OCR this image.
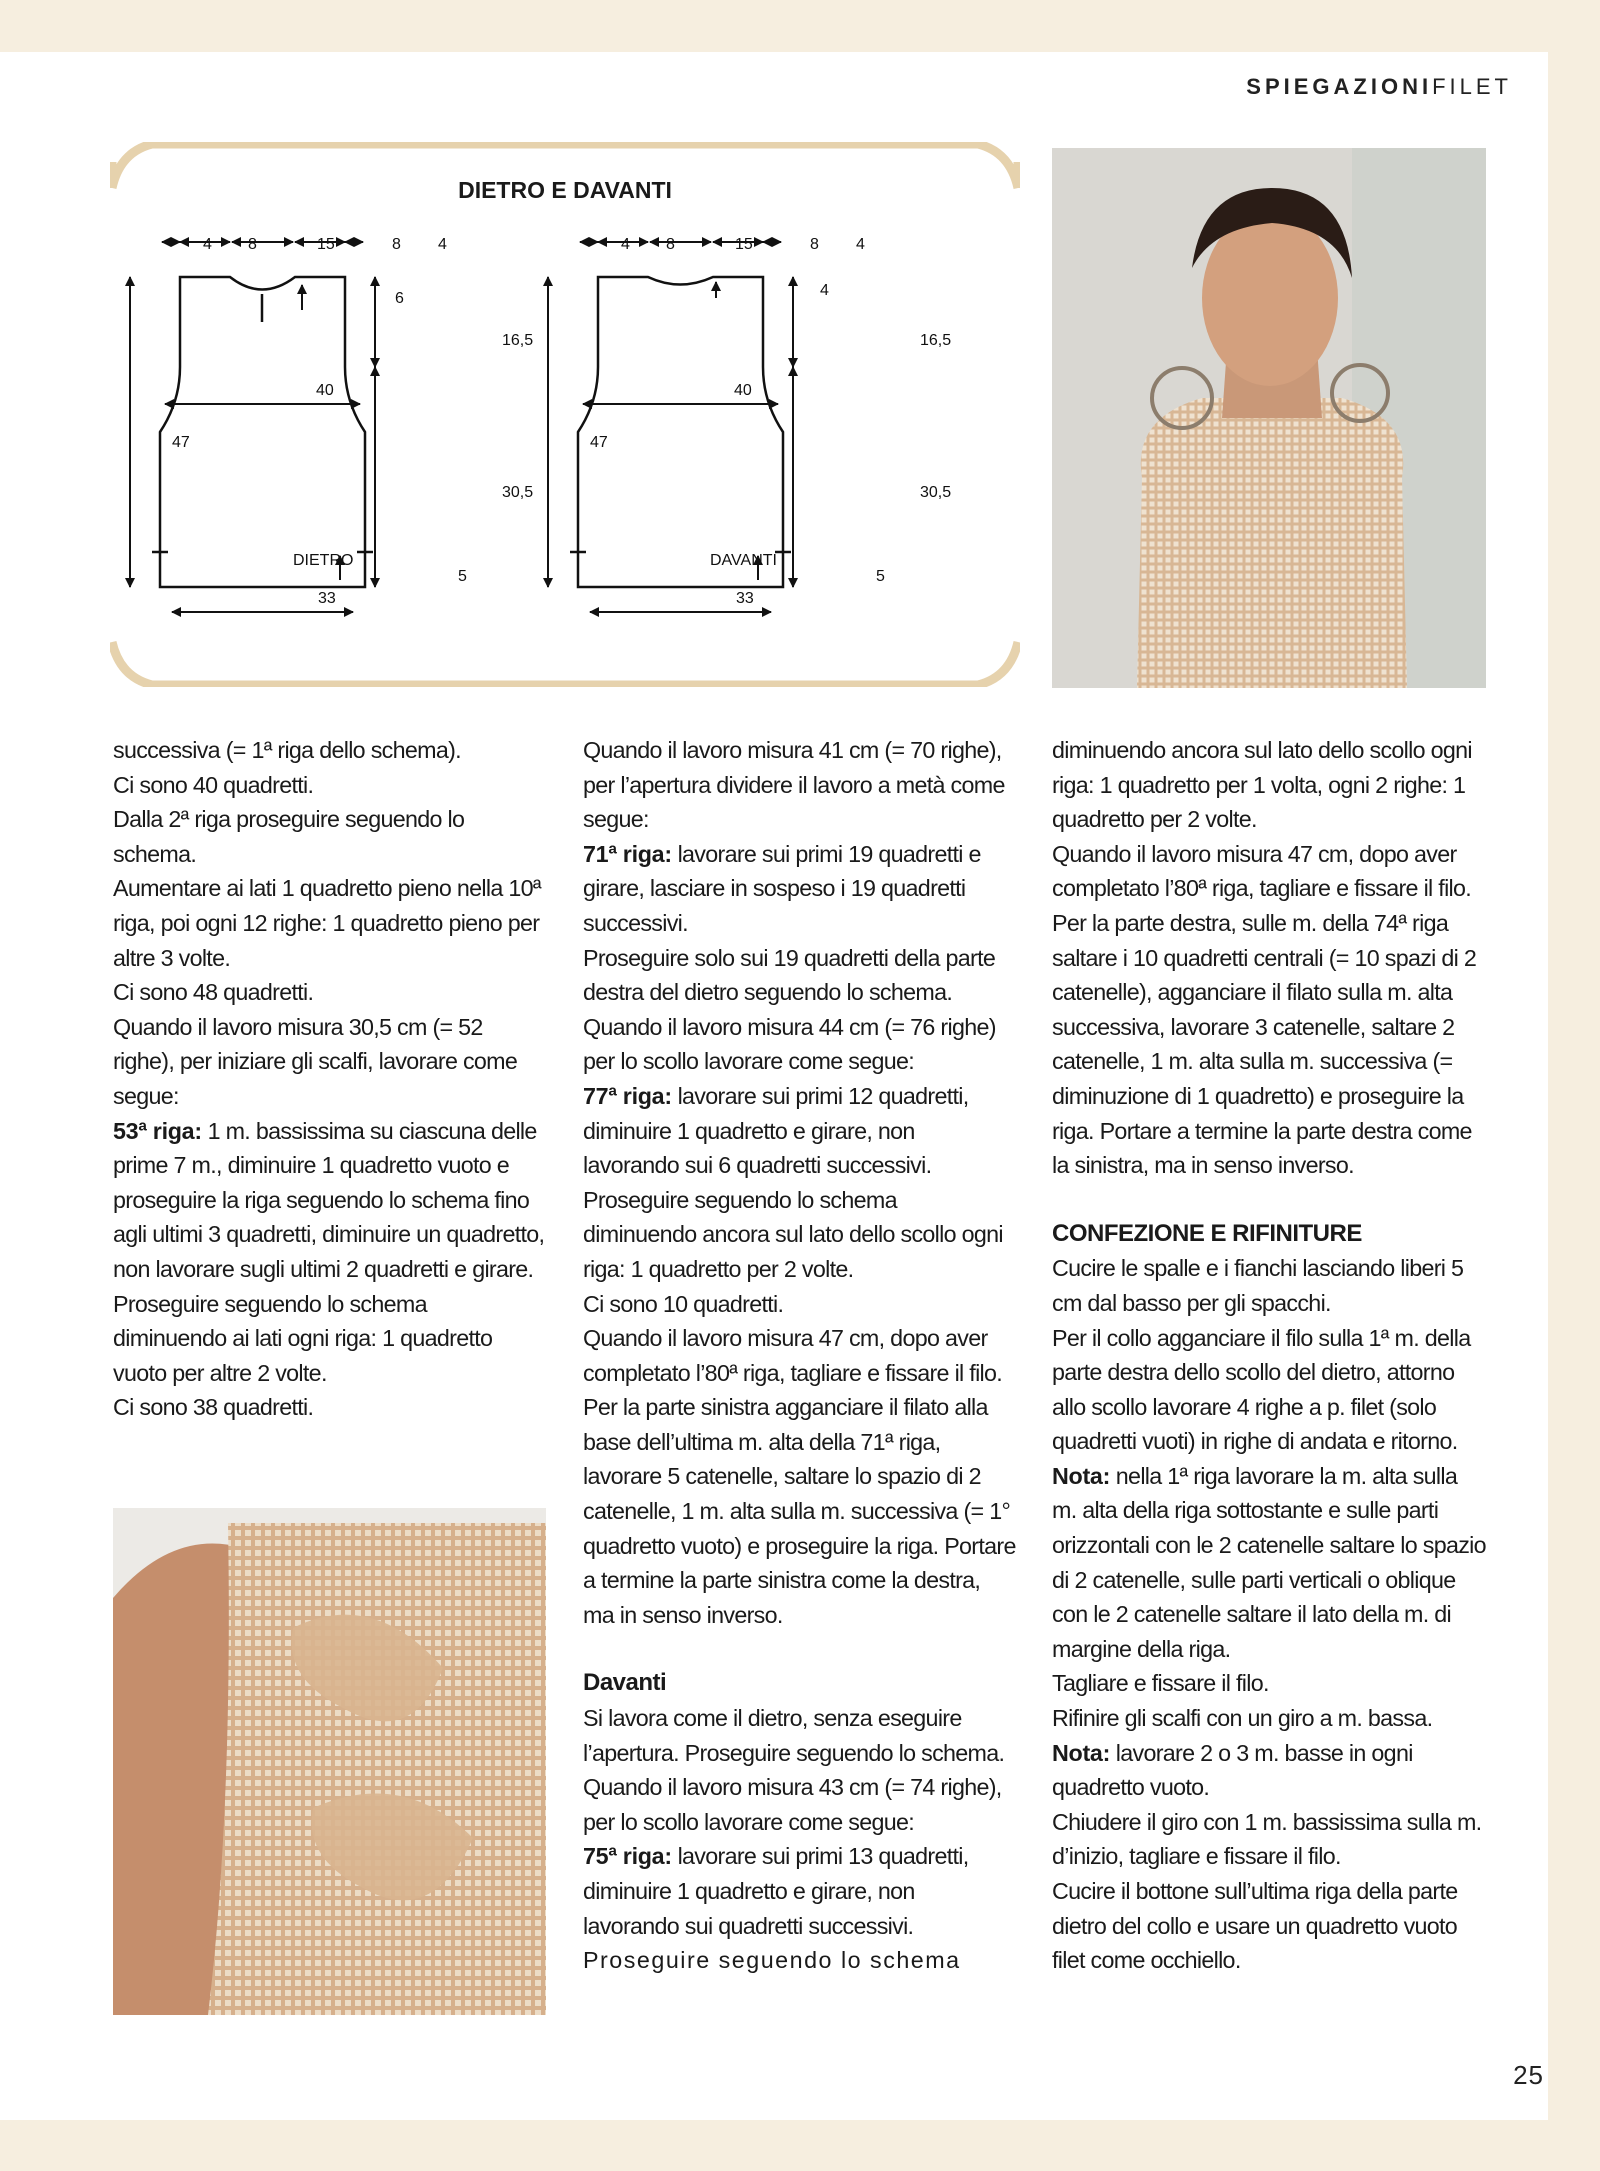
SPIEGAZIONIFILET
DIETRO E DAVANTI
4 8	15	8 4
6
16,5
40
47
30,5
DIETRO
5
33
4 8	15	8 4
4
16,5
40
47
30,5
DAVANTI
5
33

successiva (= 1ª riga dello schema).

Ci sono 40 quadretti.

Dalla 2ª riga proseguire seguendo lo schema.

Aumentare ai lati 1 quadretto pieno nella 10ª riga, poi ogni 12 righe: 1 quadretto pieno per altre 3 volte.

Ci sono 48 quadretti.

Quando il lavoro misura 30,5 cm (= 52 righe), per iniziare gli scalfi, lavorare come segue:

53ª riga: 1 m. bassissima su ciascuna delle prime 7 m., diminuire 1 quadretto vuoto e proseguire la riga seguendo lo schema fino agli ultimi 3 quadretti, diminuire un quadretto, non lavorare sugli ultimi 2 quadretti e girare.

Proseguire seguendo lo schema diminuendo ai lati ogni riga: 1 quadretto vuoto per altre 2 volte.

Ci sono 38 quadretti.

Quando il lavoro misura 41 cm (= 70 righe), per l’apertura dividere il lavoro a metà come segue:

71ª riga: lavorare sui primi 19 quadretti e girare, lasciare in sospeso i 19 quadretti successivi.

Proseguire solo sui 19 quadretti della parte destra del dietro seguendo lo schema.

Quando il lavoro misura 44 cm (= 76 righe) per lo scollo lavorare come segue:

77ª riga: lavorare sui primi 12 quadretti, diminuire 1 quadretto e girare, non lavorando sui 6 quadretti successivi. Proseguire seguendo lo schema diminuendo ancora sul lato dello scollo ogni riga: 1 quadretto per 2 volte.

Ci sono 10 quadretti.

Quando il lavoro misura 47 cm, dopo aver completato l’80ª riga, tagliare e fissare il filo.

Per la parte sinistra agganciare il filato alla base dell’ultima m. alta della 71ª riga, lavorare 5 catenelle, saltare lo spazio di 2 catenelle, 1 m. alta sulla m. successiva (= 1° quadretto vuoto) e proseguire la riga. Portare a termine la parte sinistra come la destra, ma in senso inverso.

Davanti

Si lavora come il dietro, senza eseguire l’apertura. Proseguire seguendo lo schema. Quando il lavoro misura 43 cm (= 74 righe), per lo scollo lavorare come segue:

75ª riga: lavorare sui primi 13 quadretti, diminuire 1 quadretto e girare, non lavorando sui quadretti successivi.

Proseguire seguendo lo schema

diminuendo ancora sul lato dello scollo ogni riga: 1 quadretto per 1 volta, ogni 2 righe: 1 quadretto per 2 volte.

Quando il lavoro misura 47 cm, dopo aver completato l’80ª riga, tagliare e fissare il filo.

Per la parte destra, sulle m. della 74ª riga saltare i 10 quadretti centrali (= 10 spazi di 2 catenelle), agganciare il filato sulla m. alta successiva, lavorare 3 catenelle, saltare 2 catenelle, 1 m. alta sulla m. successiva (= diminuzione di 1 quadretto) e proseguire la riga. Portare a termine la parte destra come la sinistra, ma in senso inverso.

CONFEZIONE E RIFINITURE

Cucire le spalle e i fianchi lasciando liberi 5 cm dal basso per gli spacchi.

Per il collo agganciare il filo sulla 1ª m. della parte destra dello scollo del dietro, attorno allo scollo lavorare 4 righe a p. filet (solo quadretti vuoti) in righe di andata e ritorno.

Nota: nella 1ª riga lavorare la m. alta sulla m. alta della riga sottostante e sulle parti orizzontali con le 2 catenelle saltare lo spazio di 2 catenelle, sulle parti verticali o oblique con le 2 catenelle saltare il lato della m. di margine della riga.

Tagliare e fissare il filo.

Rifinire gli scalfi con un giro a m. bassa.

Nota: lavorare 2 o 3 m. basse in ogni quadretto vuoto.

Chiudere il giro con 1 m. bassissima sulla m. d’inizio, tagliare e fissare il filo.

Cucire il bottone sull’ultima riga della parte dietro del collo e usare un quadretto vuoto filet come occhiello.

25
